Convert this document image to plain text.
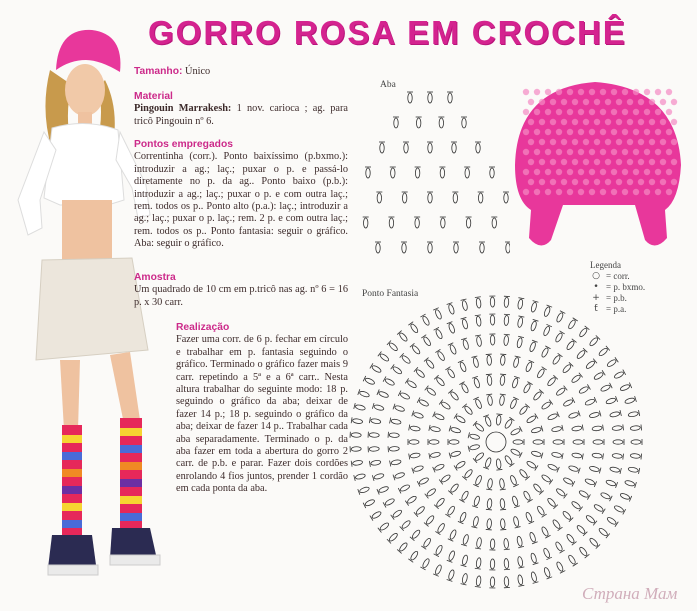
GORRO ROSA EM CROCHÊ
Tamanho: Único
Material
Pingouin Marrakesh: 1 nov. carioca ; ag. para tricô Pingouin nº 6.
Pontos empregados
Correntinha (corr.). Ponto baixíssimo (p.bxmo.): introduzir a ag.; laç.; puxar o p. e passá-lo diretamente no p. da ag.. Ponto baixo (p.b.): introduzir a ag.; laç.; puxar o p. e com outra laç.; rem. todos os p.. Ponto alto (p.a.): laç.; introduzir a ag.; laç.; puxar o p. laç.; rem. 2 p. e com outra laç.; rem. todos os p.. Ponto fantasia: seguir o gráfico. Aba: seguir o gráfico.
Amostra
Um quadrado de 10 cm em p.tricô nas ag. nº 6 = 16 p. x 30 carr.
Realização
Fazer uma corr. de 6 p. fechar em círculo e trabalhar em p. fantasia seguindo o gráfico. Terminado o gráfico fazer mais 9 carr. repetindo a 5ª e a 6ª carr.. Nesta altura trabalhar do seguinte modo: 18 p. seguindo o gráfico da aba; deixar de fazer 14 p.; 18 p. seguindo o gráfico da aba; deixar de fazer 14 p.. Trabalhar cada aba separadamente. Terminado o p. da aba fazer em toda a abertura do gorro 2 carr. de p.b. e parar. Fazer dois cordões enrolando 4 fios juntos, prender 1 cordão em cada ponta da aba.
Aba
Legenda
○ = corr.
• = p. bxmo.
+ = p.b.
ƭ = p.a.
Ponto Fantasia
Страна Мам
